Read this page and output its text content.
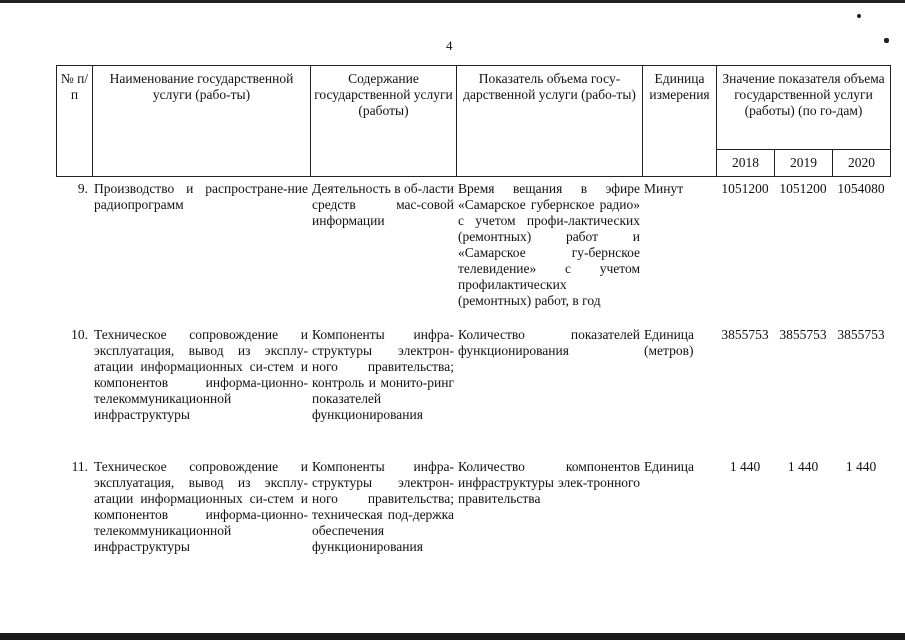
4
№ п/п	Наименование государственной услуги (рабо-ты)	Содержание государственной услуги (работы)	Показатель объема госу-дарственной услуги (рабо-ты)	Единица измерения	Значение показателя объема государственной услуги (работы) (по го-дам)		
					2018	2019	2020
9.	Производство и распростране-ние радиопрограмм	Деятельность в об-ласти средств мас-совой информации	Время вещания в эфире «Самарское губернское радио» с учетом профи-лактических (ремонтных) работ и «Самарское гу-бернское телевидение» с учетом профилактических (ремонтных) работ, в год	Минут	1051200	1051200	1054080

10.	Техническое сопровождение и эксплуатация, вывод из эксплу-атации информационных си-стем и компонентов информа-ционно-телекоммуникационной инфраструктуры	Компоненты инфра-структуры электрон-ного правительства; контроль и монито-ринг показателей функционирования	Количество показателей функционирования	Единица (метров)	3855753	3855753	3855753

11.	Техническое сопровождение и эксплуатация, вывод из эксплу-атации информационных си-стем и компонентов информа-ционно-телекоммуникационной инфраструктуры	Компоненты инфра-структуры электрон-ного правительства; техническая под-держка обеспечения функционирования	Количество компонентов инфраструктуры элек-тронного правительства	Единица	1 440	1 440	1 440
